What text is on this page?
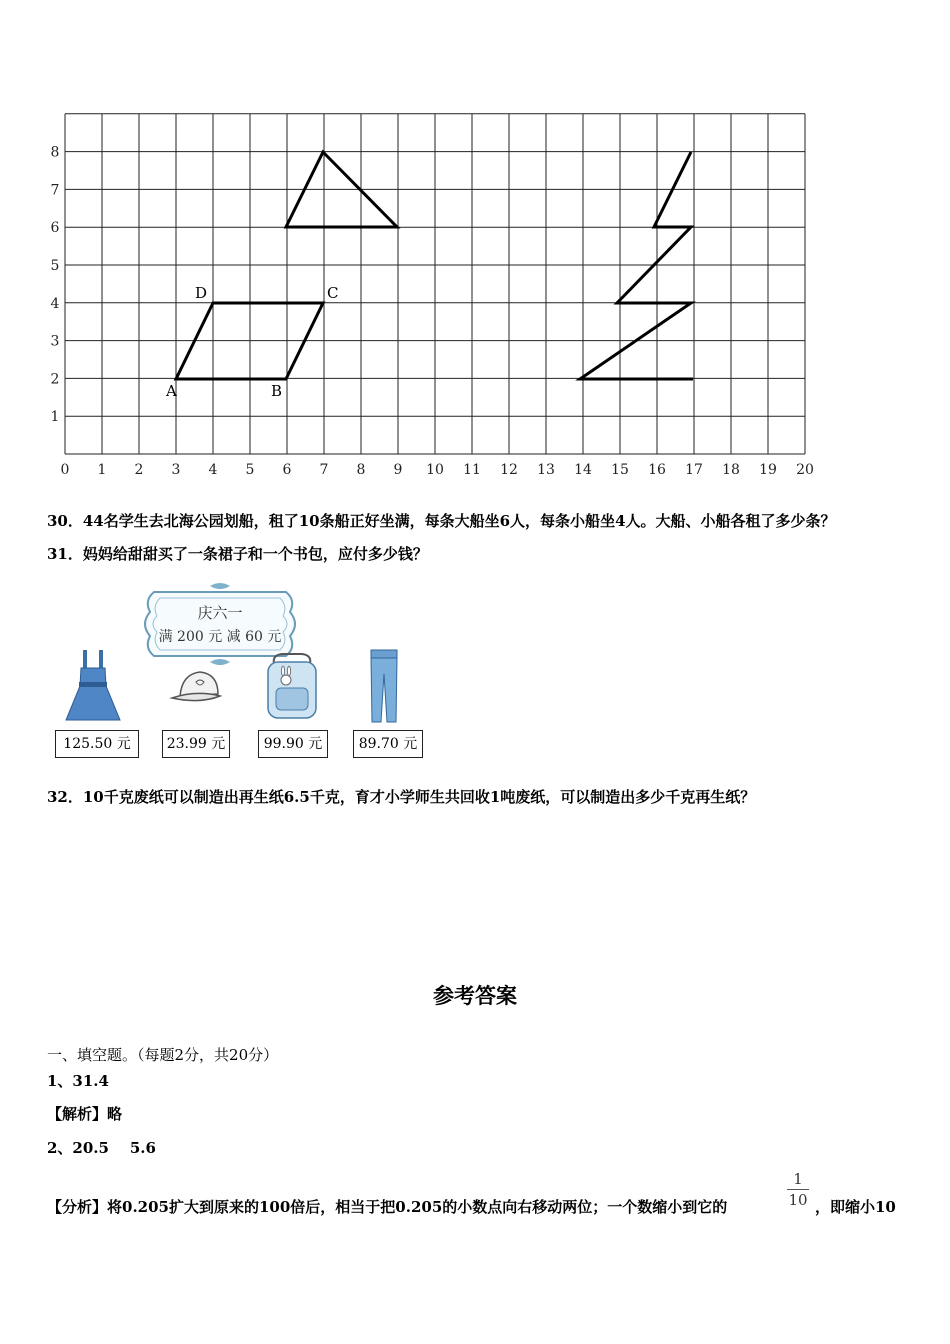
0 1 2 3 4 5 6 7 8 9 10 11 12 13 14 15 16 17 18 19 20
1
2
3
4
5
6
7
8
A	B
C
D
30．44名学生去北海公园划船，租了10条船正好坐满，每条大船坐6人，每条小船坐4人。大船、小船各租了多少条？
31．妈妈给甜甜买了一条裙子和一个书包，应付多少钱？
庆六一
满 200 元 减 60 元
125.50 元	23.99 元	99.90 元	89.70 元
32．10千克废纸可以制造出再生纸6.5千克，育才小学师生共回收1吨废纸，可以制造出多少千克再生纸？
参考答案
一、填空题。（每题2分，共20分）
1、31.4
【解析】略
2、20.5    5.6
【分析】将0.205扩大到原来的100倍后，相当于把0.205的小数点向右移动两位；一个数缩小到它的
1
10 ，即缩小10
